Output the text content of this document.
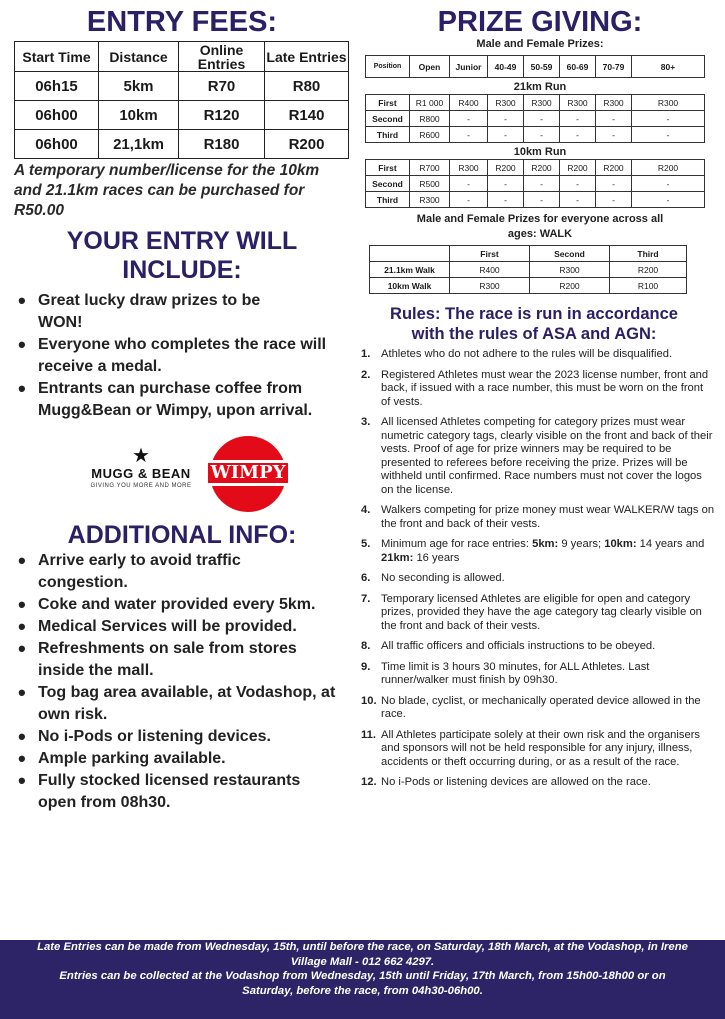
ENTRY FEES:
Start Time	Distance	Online Entries	Late Entries
06h15	5km	R70	R80
06h00	10km	R120	R140
06h00	21,1km	R180	R200

A temporary number/license for the 10km and 21.1km races can be purchased for R50.00

YOUR ENTRY WILL INCLUDE:
• Great lucky draw prizes to be WON!
• Everyone who completes the race will receive a medal.
• Entrants can purchase coffee from Mugg&Bean or Wimpy, upon arrival.
★
MUGG & BEAN
GIVING YOU MORE AND MORE
WIMPY
ADDITIONAL INFO:
• Arrive early to avoid traffic congestion.
• Coke and water provided every 5km.
• Medical Services will be provided.
• Refreshments on sale from stores inside the mall.
• Tog bag area available, at Vodashop, at own risk.
• No i-Pods or listening devices.
• Ample parking available.
• Fully stocked licensed restaurants open from 08h30.
PRIZE GIVING:
Male and Female Prizes:
Position	Open	Junior	40-49	50-59	60-69	70-79	80+
21km Run
First	R1 000	R400	R300	R300	R300	R300	R300
Second	R800	-	-	-	-	-	-
Third	R600	-	-	-	-	-	-
10km Run
First	R700	R300	R200	R200	R200	R200	R200
Second	R500	-	-	-	-	-	-
Third	R300	-	-	-	-	-	-
Male and Female Prizes for everyone across all ages: WALK
	First	Second	Third
21.1km Walk	R400	R300	R200
10km Walk	R300	R200	R100
Rules: The race is run in accordance with the rules of ASA and AGN:
1. Athletes who do not adhere to the rules will be disqualified.
2. Registered Athletes must wear the 2023 license number, front and back, if issued with a race number, this must be worn on the front of vests.
3. All licensed Athletes competing for category prizes must wear numetric category tags, clearly visible on the front and back of their vests. Proof of age for prize winners may be required to be presented to referees before receiving the prize. Prizes will be withheld until confirmed. Race numbers must not cover the logos on the license.
4. Walkers competing for prize money must wear WALKER/W tags on the front and back of their vests.
5. Minimum age for race entries: 5km: 9 years; 10km: 14 years and 21km: 16 years
6. No seconding is allowed.
7. Temporary licensed Athletes are eligible for open and category prizes, provided they have the age category tag clearly visible on the front and back of their vests.
8. All traffic officers and officials instructions to be obeyed.
9. Time limit is 3 hours 30 minutes, for ALL Athletes. Last runner/walker must finish by 09h30.
10. No blade, cyclist, or mechanically operated device allowed in the race.
11. All Athletes participate solely at their own risk and the organisers and sponsors will not be held responsible for any injury, illness, accidents or theft occurring during, or as a result of the race.
12. No i-Pods or listening devices are allowed on the race.

Late Entries can be made from Wednesday, 15th, until before the race, on Saturday, 18th March, at the Vodashop, in Irene Village Mall - 012 662 4297.

Entries can be collected at the Vodashop from Wednesday, 15th until Friday, 17th March, from 15h00-18h00 or on Saturday, before the race, from 04h30-06h00.
